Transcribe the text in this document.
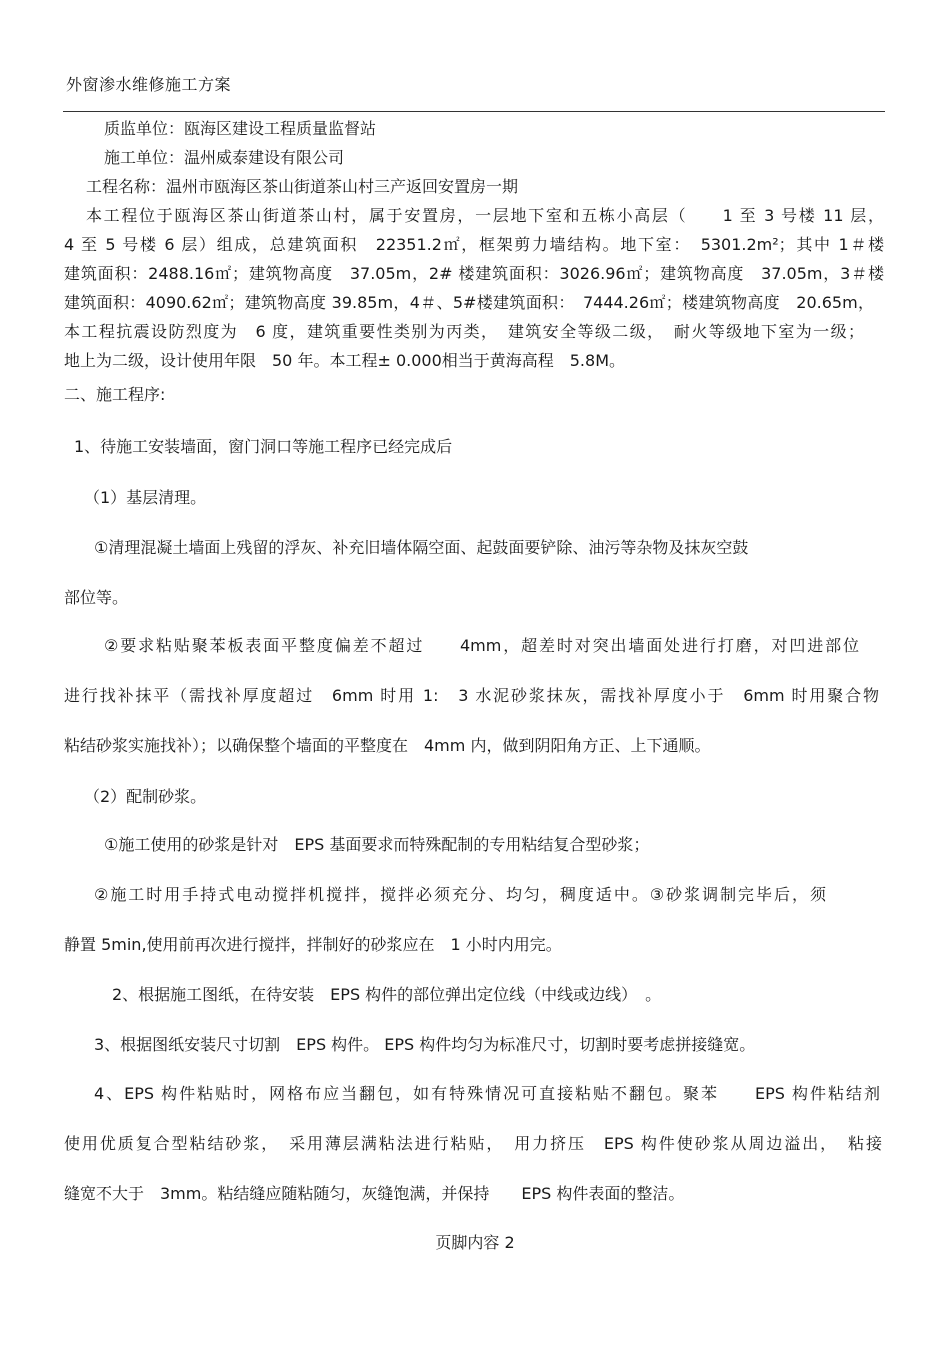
外窗渗水维修施工方案
质监单位：瓯海区建设工程质量监督站
施工单位：温州威泰建设有限公司
工程名称：温州市瓯海区茶山街道茶山村三产返回安置房一期
本工程位于瓯海区茶山街道茶山村，属于安置房，一层地下室和五栋小高层（　　1 至 3 号楼 11 层，
4 至 5 号楼 6 层）组成，总建筑面积　22351.2㎡，框架剪力墙结构。地下室：　5301.2m²；其中 1＃楼
建筑面积：2488.16㎡；建筑物高度　37.05m，2# 楼建筑面积：3026.96㎡；建筑物高度　37.05m，3＃楼
建筑面积：4090.62㎡；建筑物高度 39.85m，4＃、5#楼建筑面积：　7444.26㎡；楼建筑物高度　20.65m，
本工程抗震设防烈度为　6 度，建筑重要性类别为丙类，　建筑安全等级二级，　耐火等级地下室为一级；
地上为二级，设计使用年限　50 年。本工程± 0.000相当于黄海高程　5.8M。
二、施工程序:
1、待施工安装墙面，窗门洞口等施工程序已经完成后
（1）基层清理。
①清理混凝土墙面上残留的浮灰、补充旧墙体隔空面、起鼓面要铲除、油污等杂物及抹灰空鼓
部位等。
②要求粘贴聚苯板表面平整度偏差不超过　　4mm，超差时对突出墙面处进行打磨，对凹进部位
进行找补抹平（需找补厚度超过　6mm 时用 1:　3 水泥砂浆抹灰，需找补厚度小于　6mm 时用聚合物
粘结砂浆实施找补）；以确保整个墙面的平整度在　4mm 内，做到阴阳角方正、上下通顺。
（2）配制砂浆。
①施工使用的砂浆是针对　EPS 基面要求而特殊配制的专用粘结复合型砂浆；
②施工时用手持式电动搅拌机搅拌，搅拌必须充分、均匀，稠度适中。③砂浆调制完毕后，须
静置 5min,使用前再次进行搅拌，拌制好的砂浆应在　1 小时内用完。
2、根据施工图纸，在待安装　EPS 构件的部位弹出定位线（中线或边线）　。
3、根据图纸安装尺寸切割　EPS 构件。 EPS 构件均匀为标准尺寸，切割时要考虑拼接缝宽。
4、EPS 构件粘贴时，网格布应当翻包，如有特殊情况可直接粘贴不翻包。聚苯　　EPS 构件粘结剂
使用优质复合型粘结砂浆，　采用薄层满粘法进行粘贴，　用力挤压　EPS 构件使砂浆从周边溢出，　粘接
缝宽不大于　3mm。粘结缝应随粘随匀，灰缝饱满，并保持　　EPS 构件表面的整洁。
页脚内容 2
